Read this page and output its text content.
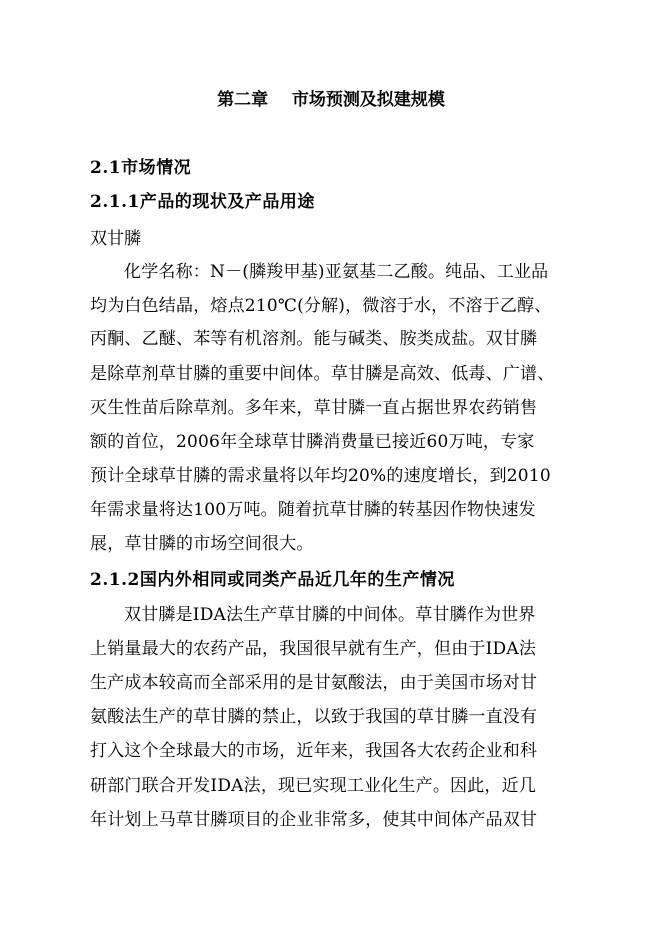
第二章    市场预测及拟建规模
2.1市场情况
2.1.1产品的现状及产品用途
双甘膦
化学名称：N－(膦羧甲基)亚氨基二乙酸。纯品、工业品
均为白色结晶，熔点210℃(分解)，微溶于水，不溶于乙醇、
丙酮、乙醚、苯等有机溶剂。能与碱类、胺类成盐。双甘膦
是除草剂草甘膦的重要中间体。草甘膦是高效、低毒、广谱、
灭生性苗后除草剂。多年来，草甘膦一直占据世界农药销售
额的首位，2006年全球草甘膦消费量已接近60万吨，专家
预计全球草甘膦的需求量将以年均20%的速度增长，到2010
年需求量将达100万吨。随着抗草甘膦的转基因作物快速发
展，草甘膦的市场空间很大。
2.1.2国内外相同或同类产品近几年的生产情况
双甘膦是IDA法生产草甘膦的中间体。草甘膦作为世界
上销量最大的农药产品，我国很早就有生产，但由于IDA法
生产成本较高而全部采用的是甘氨酸法，由于美国市场对甘
氨酸法生产的草甘膦的禁止，以致于我国的草甘膦一直没有
打入这个全球最大的市场，近年来，我国各大农药企业和科
研部门联合开发IDA法，现已实现工业化生产。因此，近几
年计划上马草甘膦项目的企业非常多，使其中间体产品双甘
